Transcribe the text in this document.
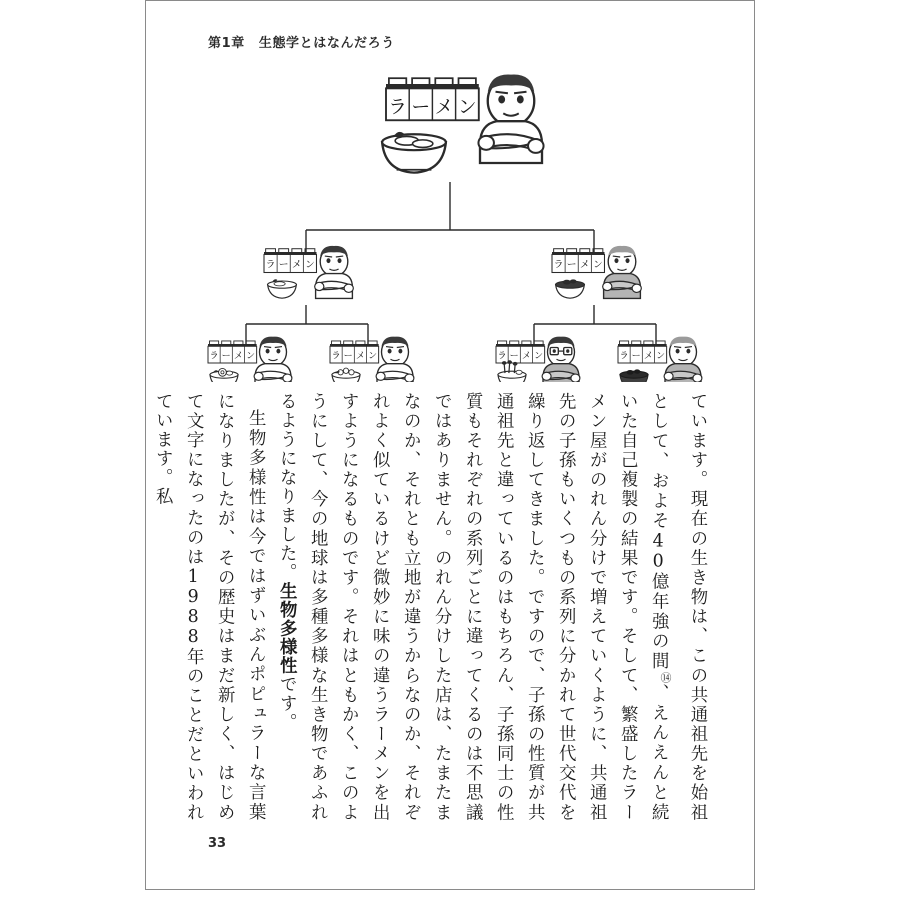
第1章 生態学とはなんだろう
ラ ー メ ン
ラ ー メ ン	ラ ー メ ン
ラ ー メ ン	ラ ー メ ン	ラ ー メ ン	ラ ー メ ン

ています。現在の生き物は、この共通祖先を始祖として、およそ40億年強の間⑭、えんえんと続いた自己複製の結果です。そして、繁盛したラーメン屋がのれん分けで増えていくように、共通祖先の子孫もいくつもの系列に分かれて世代交代を繰り返してきました。ですので、子孫の性質が共通祖先と違っているのはもちろん、子孫同士の性質もそれぞれの系列ごとに違ってくるのは不思議ではありません。のれん分けした店は、たまたまなのか、それとも立地が違うからなのか、それぞれよく似ているけど微妙に味の違うラーメンを出すようになるものです。それはともかく、このようにして、今の地球は多種多様な生き物であふれるようになりました。生物多様性です。

生物多様性は今ではずいぶんポピュラーな言葉になりましたが、その歴史はまだ新しく、はじめて文字になったのは1988年のことだといわれています。私

33
